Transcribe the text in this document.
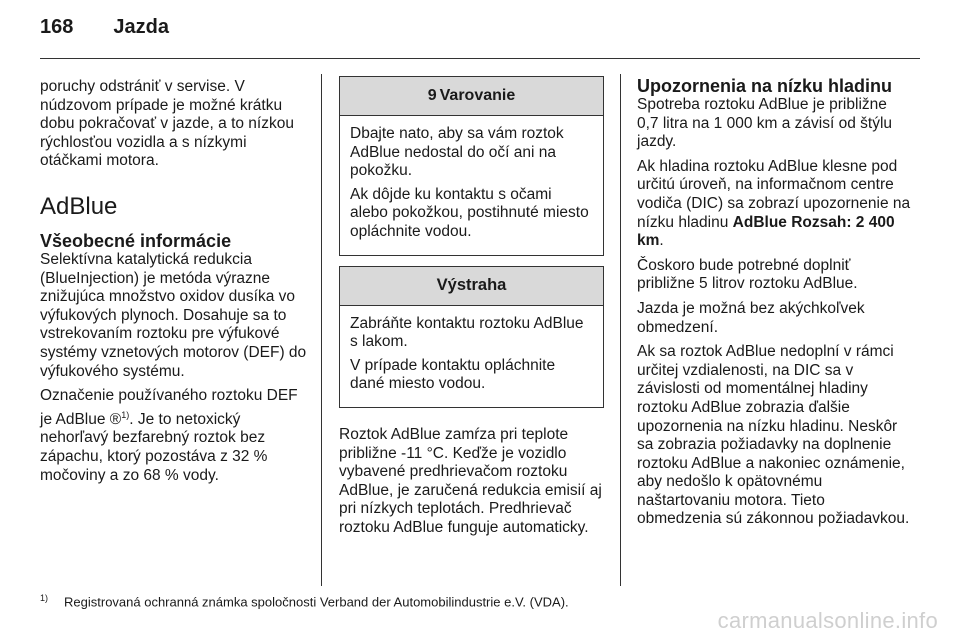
168 Jazda

poruchy odstrániť v servise. V núdzovom prípade je možné krátku dobu pokračovať v jazde, a to nízkou rýchlosťou vozidla a s nízkymi otáčkami motora.

AdBlue
Všeobecné informácie

Selektívna katalytická redukcia (BlueInjection) je metóda výrazne znižujúca množstvo oxidov dusíka vo výfukových plynoch. Dosahuje sa to vstrekovaním roztoku pre výfukové systémy vznetových motorov (DEF) do výfukového systému.

Označenie používaného roztoku DEF je AdBlue ®$^{1)}$. Je to netoxický nehorľavý bezfarebný roztok bez zápachu, ktorý pozostáva z 32 % močoviny a zo 68 % vody.

9 Varovanie

Dbajte nato, aby sa vám roztok AdBlue nedostal do očí ani na pokožku.

Ak dôjde ku kontaktu s očami alebo pokožkou, postihnuté miesto opláchnite vodou.

Výstraha

Zabráňte kontaktu roztoku AdBlue s lakom.

V prípade kontaktu opláchnite dané miesto vodou.

Roztok AdBlue zamŕza pri teplote približne -11 °C. Keďže je vozidlo vybavené predhrievačom roztoku AdBlue, je zaručená redukcia emisií aj pri nízkych teplotách. Predhrievač roztoku AdBlue funguje automaticky.

Upozornenia na nízku hladinu

Spotreba roztoku AdBlue je približne 0,7 litra na 1 000 km a závisí od štýlu jazdy.

Ak hladina roztoku AdBlue klesne pod určitú úroveň, na informačnom centre vodiča (DIC) sa zobrazí upozornenie na nízku hladinu AdBlue Rozsah: 2 400 km.

Čoskoro bude potrebné doplniť približne 5 litrov roztoku AdBlue.

Jazda je možná bez akýchkoľvek obmedzení.

Ak sa roztok AdBlue nedoplní v rámci určitej vzdialenosti, na DIC sa v závislosti od momentálnej hladiny roztoku AdBlue zobrazia ďalšie upozornenia na nízku hladinu. Neskôr sa zobrazia požiadavky na doplnenie roztoku AdBlue a nakoniec oznámenie, aby nedošlo k opätovnému naštartovaniu motora. Tieto obmedzenia sú zákonnou požiadavkou.

$^{1)}$ Registrovaná ochranná známka spoločnosti Verband der Automobilindustrie e.V. (VDA).
carmanualsonline.info
